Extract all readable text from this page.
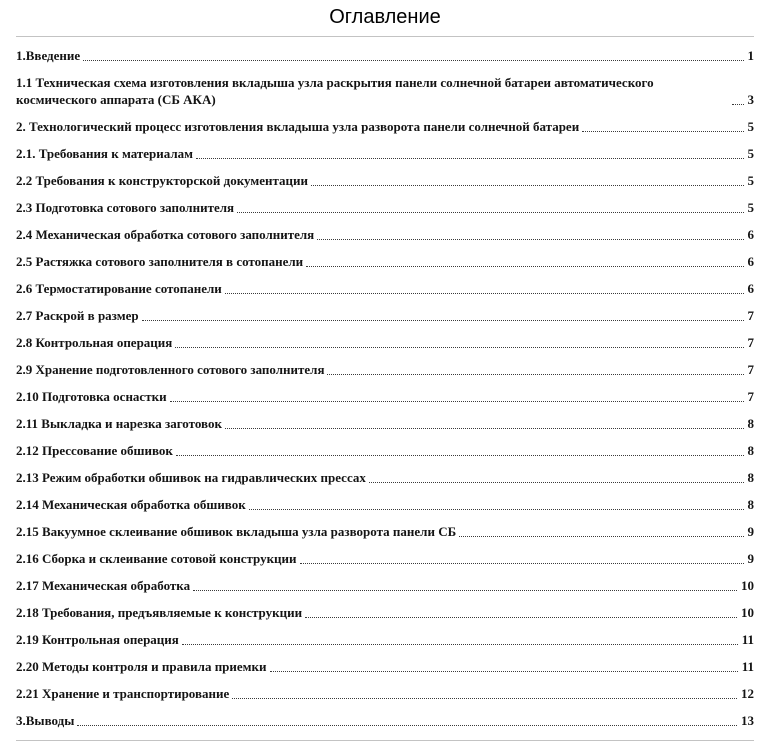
Оглавление
1.Введение	1
1.1 Техническая схема изготовления вкладыша узла раскрытия панели солнечной батареи автоматического космического аппарата (СБ АКА)	3
2. Технологический процесс изготовления вкладыша узла разворота панели солнечной батареи	5
2.1. Требования к материалам	5
2.2 Требования к конструкторской документации	5
2.3 Подготовка сотового заполнителя	5
2.4 Механическая обработка сотового заполнителя	6
2.5 Растяжка сотового заполнителя в сотопанели	6
2.6 Термостатирование сотопанели	6
2.7 Раскрой в размер	7
2.8 Контрольная операция	7
2.9 Хранение подготовленного сотового заполнителя	7
2.10 Подготовка оснастки	7
2.11 Выкладка и нарезка заготовок	8
2.12 Прессование обшивок	8
2.13 Режим обработки обшивок на гидравлических прессах	8
2.14 Механическая обработка обшивок	8
2.15 Вакуумное склеивание обшивок вкладыша узла разворота панели СБ	9
2.16 Сборка и склеивание сотовой конструкции	9
2.17 Механическая обработка	10
2.18 Требования, предъявляемые к конструкции	10
2.19 Контрольная операция	11
2.20 Методы контроля и правила приемки	11
2.21 Хранение и транспортирование	12
3.Выводы	13
